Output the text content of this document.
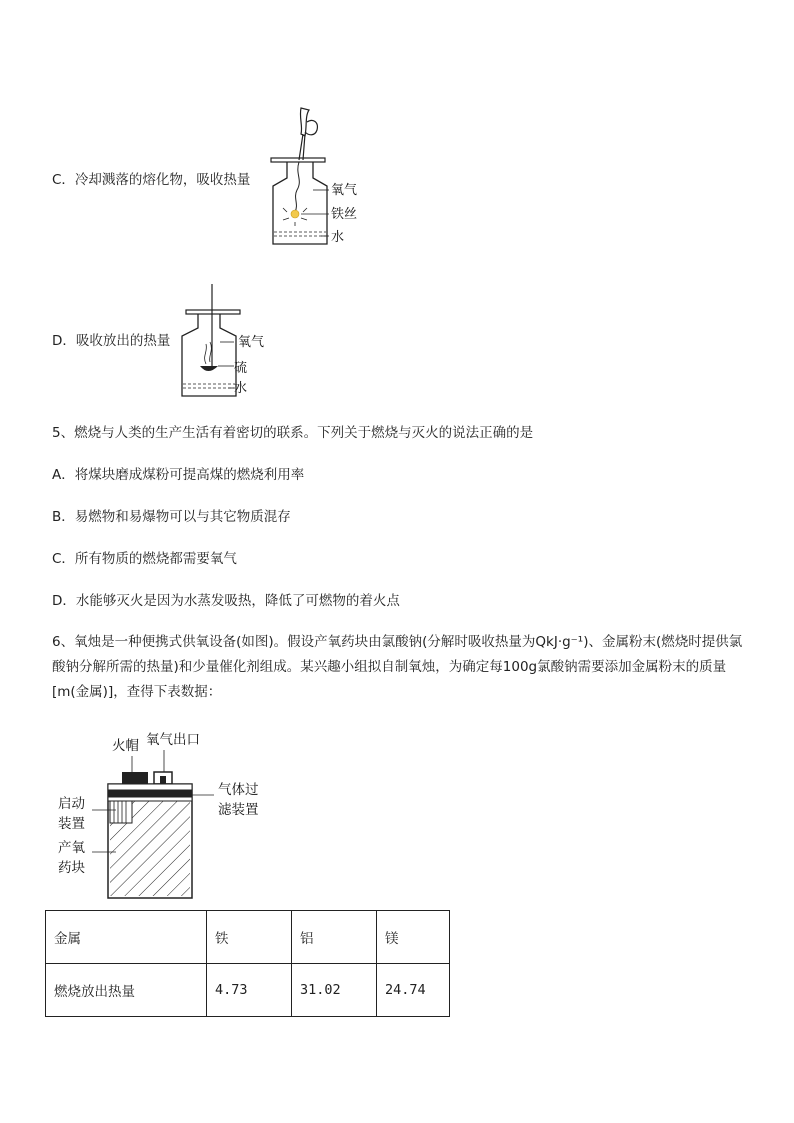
氧气
铁丝
水
C．冷却溅落的熔化物，吸收热量
氧气
硫
水
D．吸收放出的热量
5、燃烧与人类的生产生活有着密切的联系。下列关于燃烧与灭火的说法正确的是
A．将煤块磨成煤粉可提高煤的燃烧利用率
B．易燃物和易爆物可以与其它物质混存
C．所有物质的燃烧都需要氧气
D．水能够灭火是因为水蒸发吸热，降低了可燃物的着火点
6、氧烛是一种便携式供氧设备(如图)。假设产氧药块由氯酸钠(分解时吸收热量为QkJ·g⁻¹)、金属粉末(燃烧时提供氯酸钠分解所需的热量)和少量催化剂组成。某兴趣小组拟自制氧烛，为确定每100g氯酸钠需要添加金属粉末的质量[m(金属)]，查得下表数据：
火帽 氧气出口
气体过
滤装置
启动
装置
产氧
药块
金属	铁	铝	镁
燃烧放出热量	4.73	31.02	24.74
